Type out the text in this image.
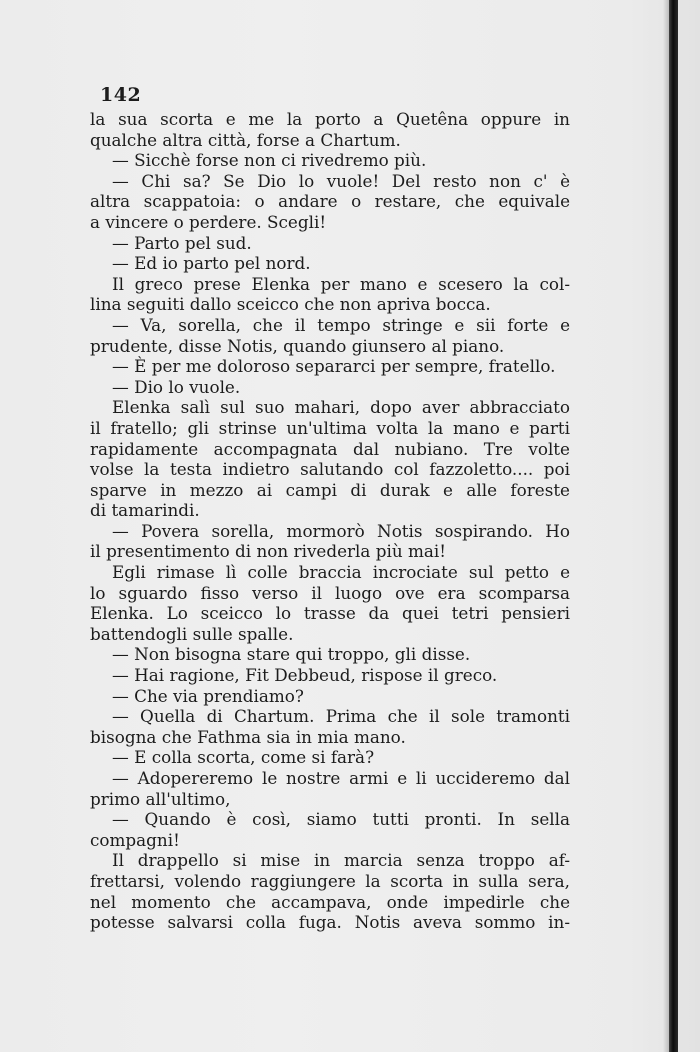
142
la sua scorta e me la porto a Quetêna oppure in
qualche altra città, forse a Chartum.
— Sicchè forse non ci rivedremo più.
— Chi sa? Se Dio lo vuole! Del resto non c' è
altra scappatoia: o andare o restare, che equivale
a vincere o perdere. Scegli!
— Parto pel sud.
— Ed io parto pel nord.
Il greco prese Elenka per mano e scesero la col-
lina seguiti dallo sceicco che non apriva bocca.
— Va, sorella, che il tempo stringe e sii forte e
prudente, disse Notis, quando giunsero al piano.
— È per me doloroso separarci per sempre, fratello.
— Dio lo vuole.
Elenka salì sul suo mahari, dopo aver abbracciato
il fratello; gli strinse un'ultima volta la mano e parti
rapidamente accompagnata dal nubiano. Tre volte
volse la testa indietro salutando col fazzoletto.... poi
sparve in mezzo ai campi di durak e alle foreste
di tamarindi.
— Povera sorella, mormorò Notis sospirando. Ho
il presentimento di non rivederla più mai!
Egli rimase lì colle braccia incrociate sul petto e
lo sguardo fisso verso il luogo ove era scomparsa
Elenka. Lo sceicco lo trasse da quei tetri pensieri
battendogli sulle spalle.
— Non bisogna stare qui troppo, gli disse.
— Hai ragione, Fit Debbeud, rispose il greco.
— Che via prendiamo?
— Quella di Chartum. Prima che il sole tramonti
bisogna che Fathma sia in mia mano.
— E colla scorta, come si farà?
— Adopereremo le nostre armi e li uccideremo dal
primo all'ultimo,
— Quando è così, siamo tutti pronti. In sella
compagni!
Il drappello si mise in marcia senza troppo af-
frettarsi, volendo raggiungere la scorta in sulla sera,
nel momento che accampava, onde impedirle che
potesse salvarsi colla fuga. Notis aveva sommo in-
